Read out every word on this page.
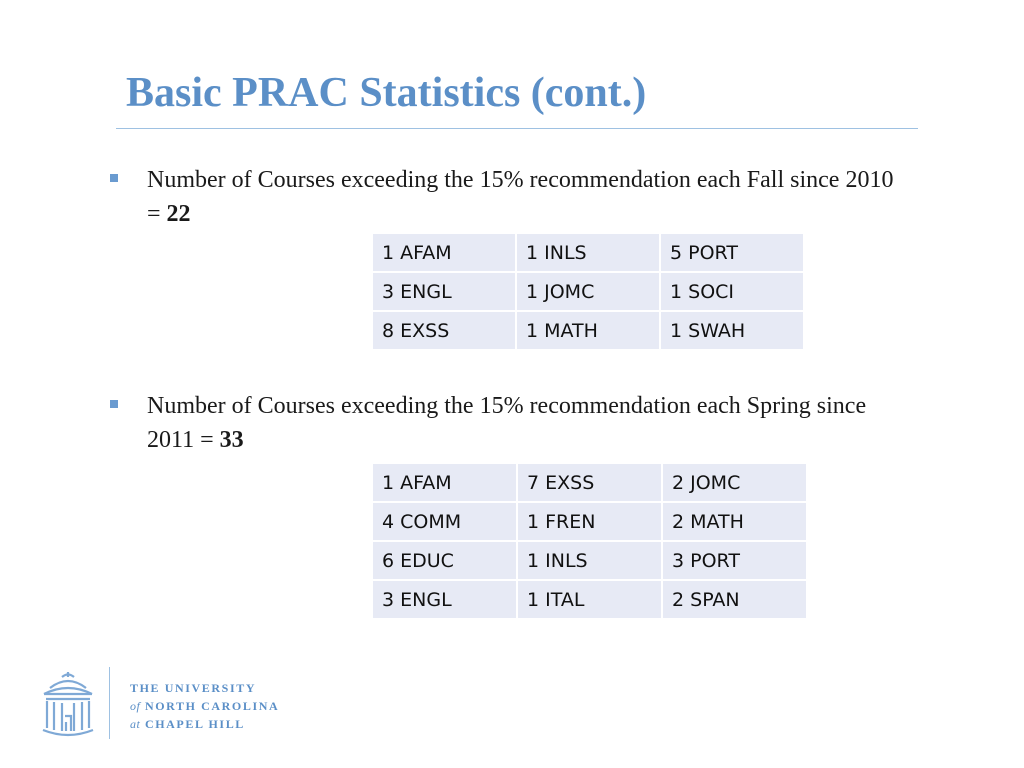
Basic PRAC Statistics (cont.)
Number of Courses exceeding the 15% recommendation each Fall since 2010 = 22
1 AFAM	1 INLS	5 PORT
3 ENGL	1 JOMC	1 SOCI
8 EXSS	1 MATH	1 SWAH
Number of Courses exceeding the 15% recommendation each Spring since 2011 = 33
1 AFAM	7 EXSS	2 JOMC
4 COMM	1 FREN	2 MATH
6 EDUC	1 INLS	3 PORT
3 ENGL	1 ITAL	2 SPAN
THE UNIVERSITY
of NORTH CAROLINA
at CHAPEL HILL
